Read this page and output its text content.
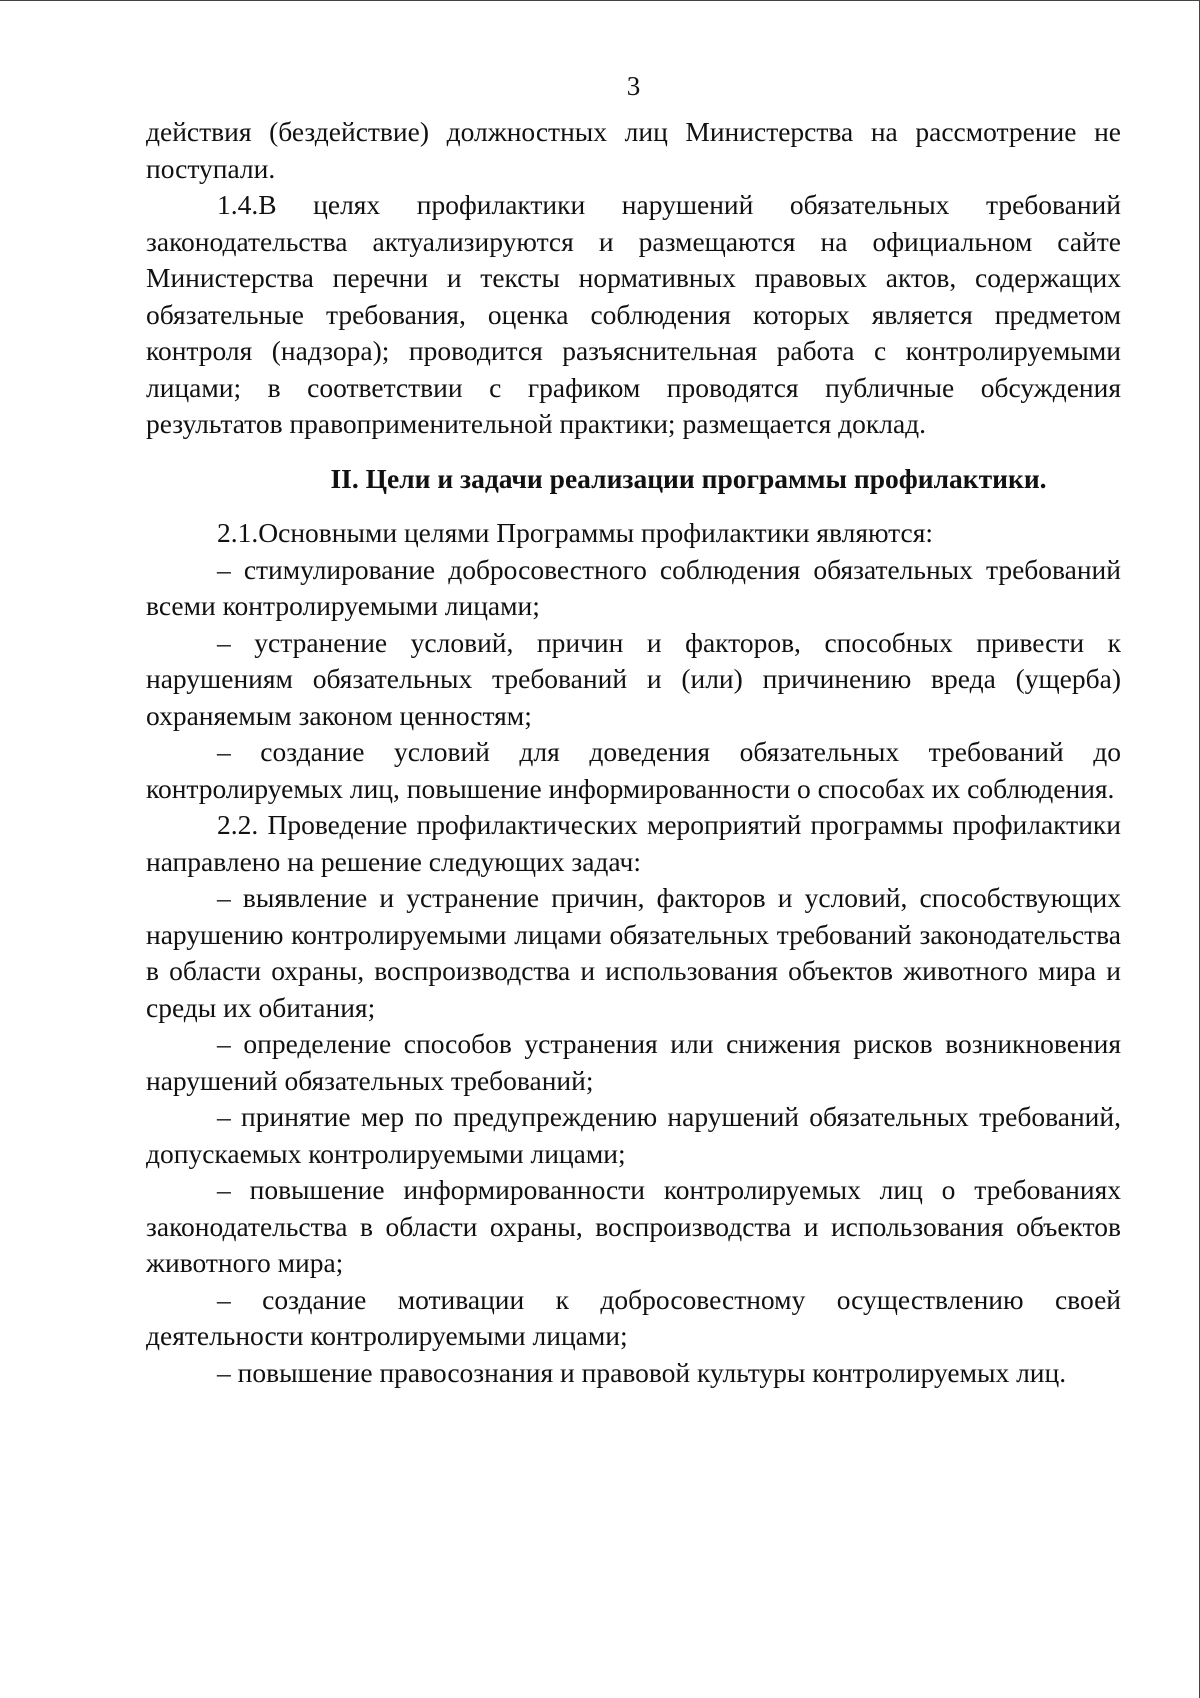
3

действия (бездействие) должностных лиц Министерства на рассмотрение не поступали.

1.4.В целях профилактики нарушений обязательных требований законодательства актуализируются и размещаются на официальном сайте Министерства перечни и тексты нормативных правовых актов, содержащих обязательные требования, оценка соблюдения которых является предметом контроля (надзора); проводится разъяснительная работа с контролируемыми лицами; в соответствии с графиком проводятся публичные обсуждения результатов правоприменительной практики; размещается доклад.

II. Цели и задачи реализации программы профилактики.

2.1.Основными целями Программы профилактики являются:

– стимулирование добросовестного соблюдения обязательных требований всеми контролируемыми лицами;

– устранение условий, причин и факторов, способных привести к нарушениям обязательных требований и (или) причинению вреда (ущерба) охраняемым законом ценностям;

– создание условий для доведения обязательных требований до контролируемых лиц, повышение информированности о способах их соблюдения.

2.2. Проведение профилактических мероприятий программы профилактики направлено на решение следующих задач:

– выявление и устранение причин, факторов и условий, способствующих нарушению контролируемыми лицами обязательных требований законодательства в области охраны, воспроизводства и использования объектов животного мира и среды их обитания;

– определение способов устранения или снижения рисков возникновения нарушений обязательных требований;

– принятие мер по предупреждению нарушений обязательных требований, допускаемых контролируемыми лицами;

– повышение информированности контролируемых лиц о требованиях законодательства в области охраны, воспроизводства и использования объектов животного мира;

– создание мотивации к добросовестному осуществлению своей деятельности контролируемыми лицами;

– повышение правосознания и правовой культуры контролируемых лиц.
